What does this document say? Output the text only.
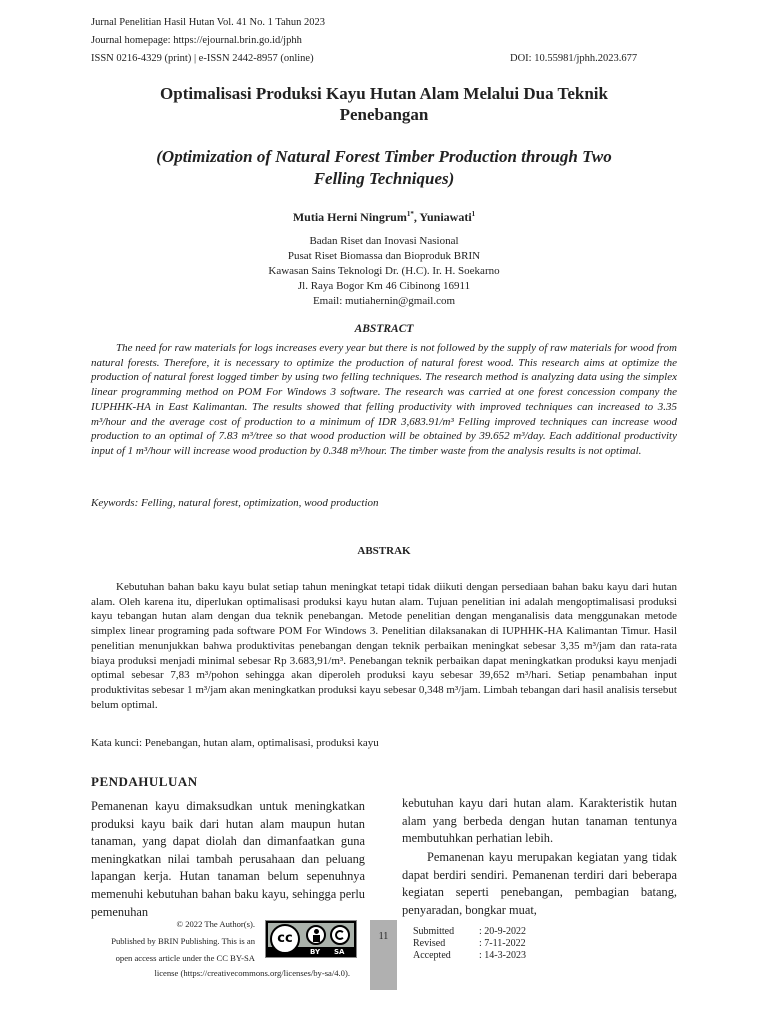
Jurnal Penelitian Hasil Hutan Vol. 41 No. 1 Tahun 2023
Journal homepage: https://ejournal.brin.go.id/jphh
ISSN 0216-4329 (print) | e-ISSN 2442-8957 (online)	DOI: 10.55981/jphh.2023.677
Optimalisasi Produksi Kayu Hutan Alam Melalui Dua Teknik
Penebangan
(Optimization of Natural Forest Timber Production through Two
Felling Techniques)
Mutia Herni Ningrum$^{1*}$, Yuniawati$^1$
Badan Riset dan Inovasi Nasional
Pusat Riset Biomassa dan Bioproduk BRIN
Kawasan Sains Teknologi Dr. (H.C). Ir. H. Soekarno
Jl. Raya Bogor Km 46 Cibinong 16911
Email: mutiahernin@gmail.com
ABSTRACT
The need for raw materials for logs increases every year but there is not followed by the supply of raw materials for wood from natural forests. Therefore, it is necessary to optimize the production of natural forest wood. This research aims at optimize the production of natural forest logged timber by using two felling techniques. The research method is analyzing data using the simplex linear programming method on POM For Windows 3 software. The research was carried at one forest concession company the IUPHHK-HA in East Kalimantan. The results showed that felling productivity with improved techniques can increased to 3.35 m³/hour and the average cost of production to a minimum of IDR 3,683.91/m³ Felling improved techniques can increase wood production to an optimal of 7.83 m³/tree so that wood production will be obtained by 39.652 m³/day. Each additional productivity input of 1 m³/hour will increase wood production by 0.348 m³/hour. The timber waste from the analysis results is not optimal.
Keywords: Felling, natural forest, optimization, wood production
ABSTRAK
Kebutuhan bahan baku kayu bulat setiap tahun meningkat tetapi tidak diikuti dengan persediaan bahan baku kayu dari hutan alam. Oleh karena itu, diperlukan optimalisasi produksi kayu hutan alam. Tujuan penelitian ini adalah mengoptimalisasi produksi kayu tebangan hutan alam dengan dua teknik penebangan. Metode penelitian dengan menganalisis data menggunakan metode simplex linear programing pada software POM For Windows 3. Penelitian dilaksanakan di IUPHHK-HA Kalimantan Timur. Hasil penelitian menunjukkan bahwa produktivitas penebangan dengan teknik perbaikan meningkat sebesar 3,35 m³/jam dan rata-rata biaya produksi menjadi minimal sebesar Rp 3.683,91/m³. Penebangan teknik perbaikan dapat meningkatkan produksi kayu menjadi optimal sebesar 7,83 m³/pohon sehingga akan diperoleh produksi kayu sebesar 39,652 m³/hari. Setiap penambahan input produktivitas sebesar 1 m³/jam akan meningkatkan produksi kayu sebesar 0,348 m³/jam. Limbah tebangan dari hasil analisis tersebut belum optimal.
Kata kunci: Penebangan, hutan alam, optimalisasi, produksi kayu
PENDAHULUAN
Pemanenan kayu dimaksudkan untuk meningkatkan produksi kayu baik dari hutan alam maupun hutan tanaman, yang dapat diolah dan dimanfaatkan guna meningkatkan nilai tambah perusahaan dan peluang lapangan kerja. Hutan tanaman belum sepenuhnya memenuhi kebutuhan bahan baku kayu, sehingga perlu pemenuhan
kebutuhan kayu dari hutan alam. Karakteristik hutan alam yang berbeda dengan hutan tanaman tentunya membutuhkan perhatian lebih.
Pemanenan kayu merupakan kegiatan yang tidak dapat berdiri sendiri. Pemanenan terdiri dari beberapa kegiatan seperti penebangan, pembagian batang, penyaradan, bongkar muat,
© 2022 The Author(s).
Published by BRIN Publishing. This is an
open access article under the CC BY-SA
license (https://creativecommons.org/licenses/by-sa/4.0).
cc
BY SA
11	Submitted	: 20-9-2022
Revised	: 7-11-2022
Accepted	: 14-3-2023
